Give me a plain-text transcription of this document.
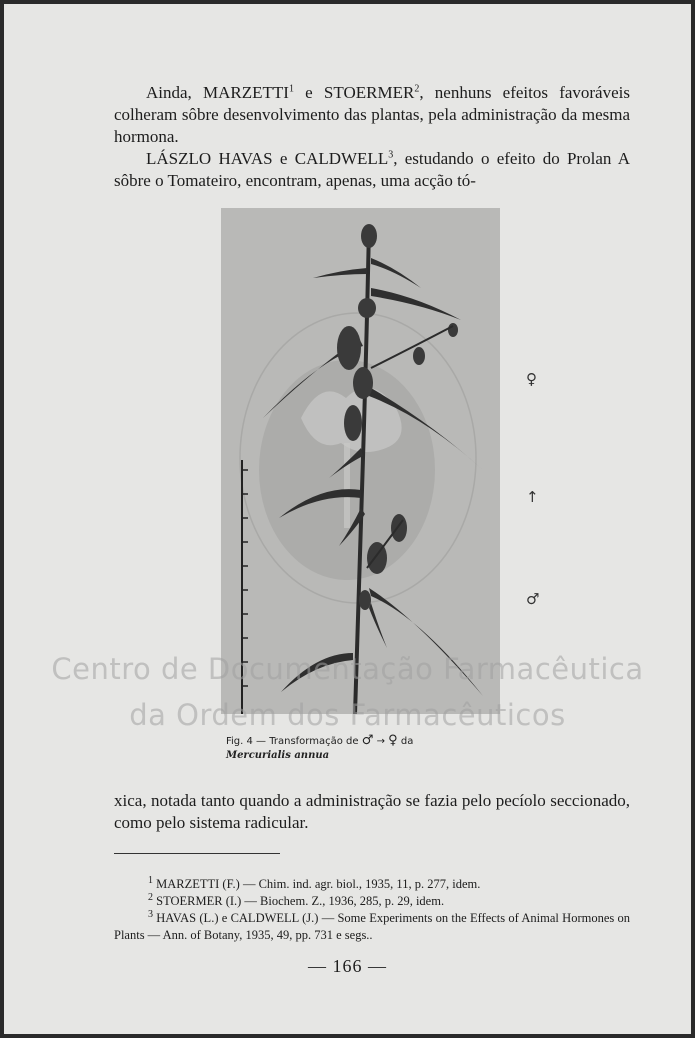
Ainda, MARZETTI$^1$ e STOERMER$^2$, nenhuns efeitos favoráveis colheram sôbre desenvolvimento das plantas, pela administração da mesma hormona.

LÁSZLO HAVAS e CALDWELL$^3$, estudando o efeito do Prolan A sôbre o Tomateiro, encontram, apenas, uma acção tó-

♀
↑
♂
Fig. 4 — Transformação de ♂ → ♀ da Mercurialis annua
Centro de Documentação Farmacêutica
da Ordem dos Farmacêuticos

xica, notada tanto quando a administração se fazia pelo pecíolo seccionado, como pelo sistema radicular.

$^1$ MARZETTI (F.) — Chim. ind. agr. biol., 1935, 11, p. 277, idem.

$^2$ STOERMER (I.) — Biochem. Z., 1936, 285, p. 29, idem.

$^3$ HAVAS (L.) e CALDWELL (J.) — Some Experiments on the Effects of Animal Hormones on Plants — Ann. of Botany, 1935, 49, pp. 731 e segs..

— 166 —
